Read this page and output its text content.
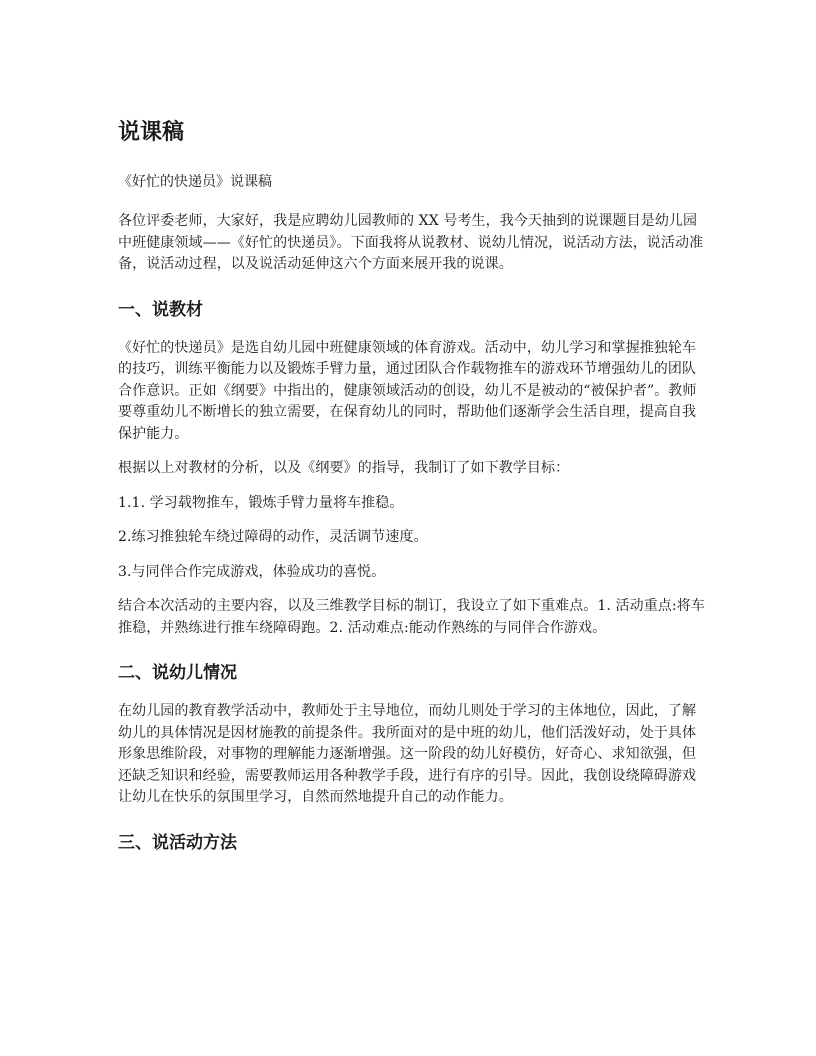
说课稿
《好忙的快递员》说课稿

各位评委老师，大家好，我是应聘幼儿园教师的 XX 号考生，我今天抽到的说课题目是幼儿园中班健康领域——《好忙的快递员》。下面我将从说教材、说幼儿情况，说活动方法，说活动准备，说活动过程，以及说活动延伸这六个方面来展开我的说课。

一、说教材

《好忙的快递员》是选自幼儿园中班健康领域的体育游戏。活动中，幼儿学习和掌握推独轮车的技巧，训练平衡能力以及锻炼手臂力量，通过团队合作载物推车的游戏环节增强幼儿的团队合作意识。正如《纲要》中指出的，健康领域活动的创设，幼儿不是被动的“被保护者”。教师要尊重幼儿不断增长的独立需要，在保育幼儿的同时，帮助他们逐渐学会生活自理，提高自我保护能力。

根据以上对教材的分析，以及《纲要》的指导，我制订了如下教学目标：

1.1. 学习载物推车，锻炼手臂力量将车推稳。

2.练习推独轮车绕过障碍的动作，灵活调节速度。

3.与同伴合作完成游戏，体验成功的喜悦。

结合本次活动的主要内容，以及三维教学目标的制订，我设立了如下重难点。1. 活动重点:将车推稳，并熟练进行推车绕障碍跑。2. 活动难点:能动作熟练的与同伴合作游戏。

二、说幼儿情况

在幼儿园的教育教学活动中，教师处于主导地位，而幼儿则处于学习的主体地位，因此，了解幼儿的具体情况是因材施教的前提条件。我所面对的是中班的幼儿，他们活泼好动，处于具体形象思维阶段，对事物的理解能力逐渐增强。这一阶段的幼儿好模仿，好奇心、求知欲强，但还缺乏知识和经验，需要教师运用各种教学手段，进行有序的引导。因此，我创设绕障碍游戏让幼儿在快乐的氛围里学习，自然而然地提升自己的动作能力。

三、说活动方法
